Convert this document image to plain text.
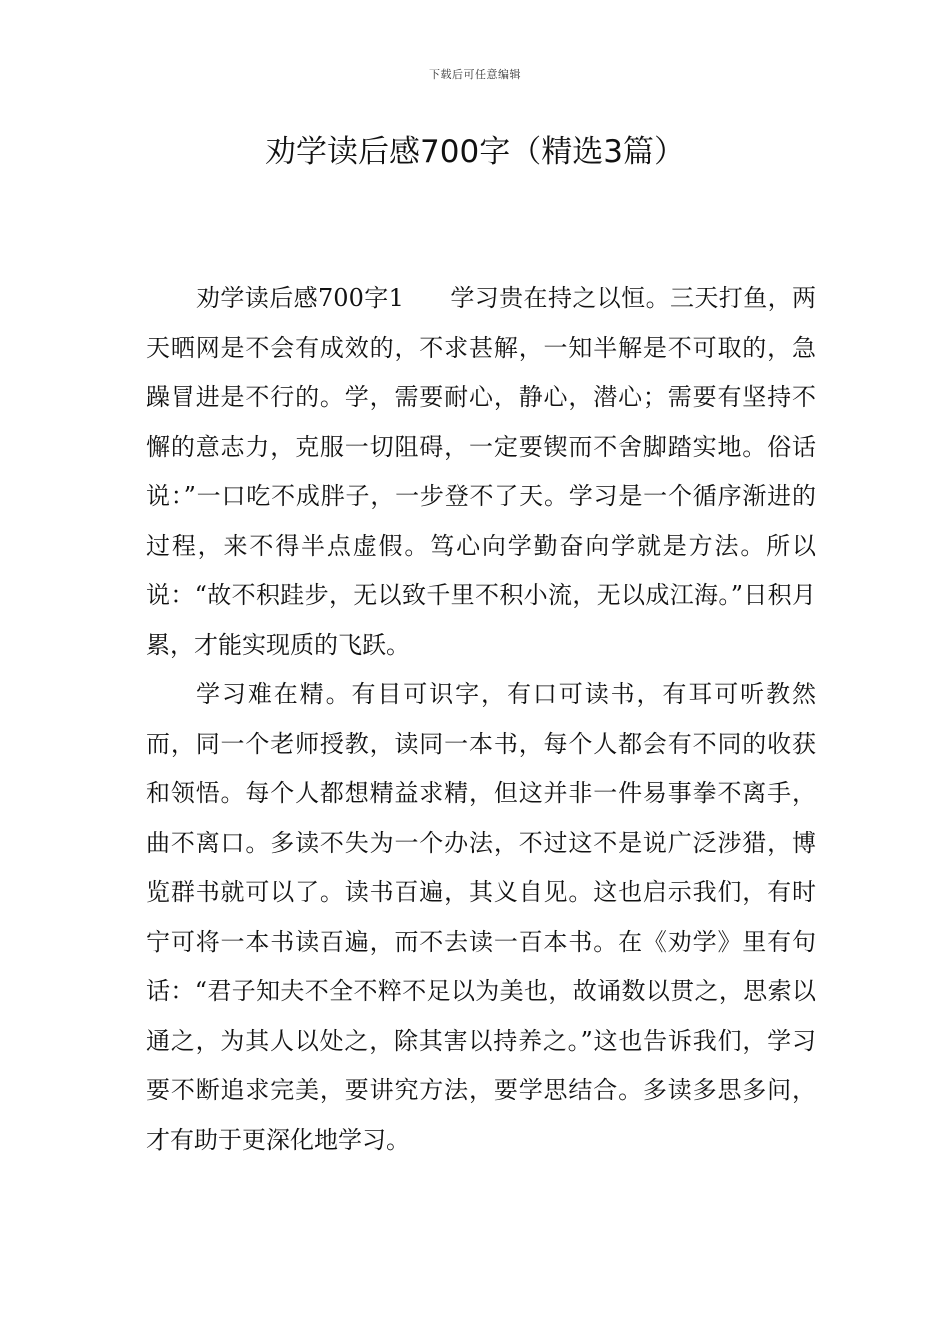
下载后可任意编辑
劝学读后感700字（精选3篇）

劝学读后感700字1 学习贵在持之以恒。三天打鱼，两天晒网是不会有成效的，不求甚解，一知半解是不可取的，急躁冒进是不行的。学，需要耐心，静心，潜心；需要有坚持不懈的意志力，克服一切阻碍，一定要锲而不舍脚踏实地。俗话说：”一口吃不成胖子，一步登不了天。学习是一个循序渐进的过程，来不得半点虚假。笃心向学勤奋向学就是方法。所以说：“故不积跬步，无以致千里不积小流，无以成江海。”日积月累，才能实现质的飞跃。

学习难在精。有目可识字，有口可读书，有耳可听教然而，同一个老师授教，读同一本书，每个人都会有不同的收获和领悟。每个人都想精益求精，但这并非一件易事拳不离手，曲不离口。多读不失为一个办法，不过这不是说广泛涉猎，博览群书就可以了。读书百遍，其义自见。这也启示我们，有时宁可将一本书读百遍，而不去读一百本书。在《劝学》里有句话：“君子知夫不全不粹不足以为美也，故诵数以贯之，思索以通之，为其人以处之，除其害以持养之。”这也告诉我们，学习要不断追求完美，要讲究方法，要学思结合。多读多思多问，才有助于更深化地学习。
